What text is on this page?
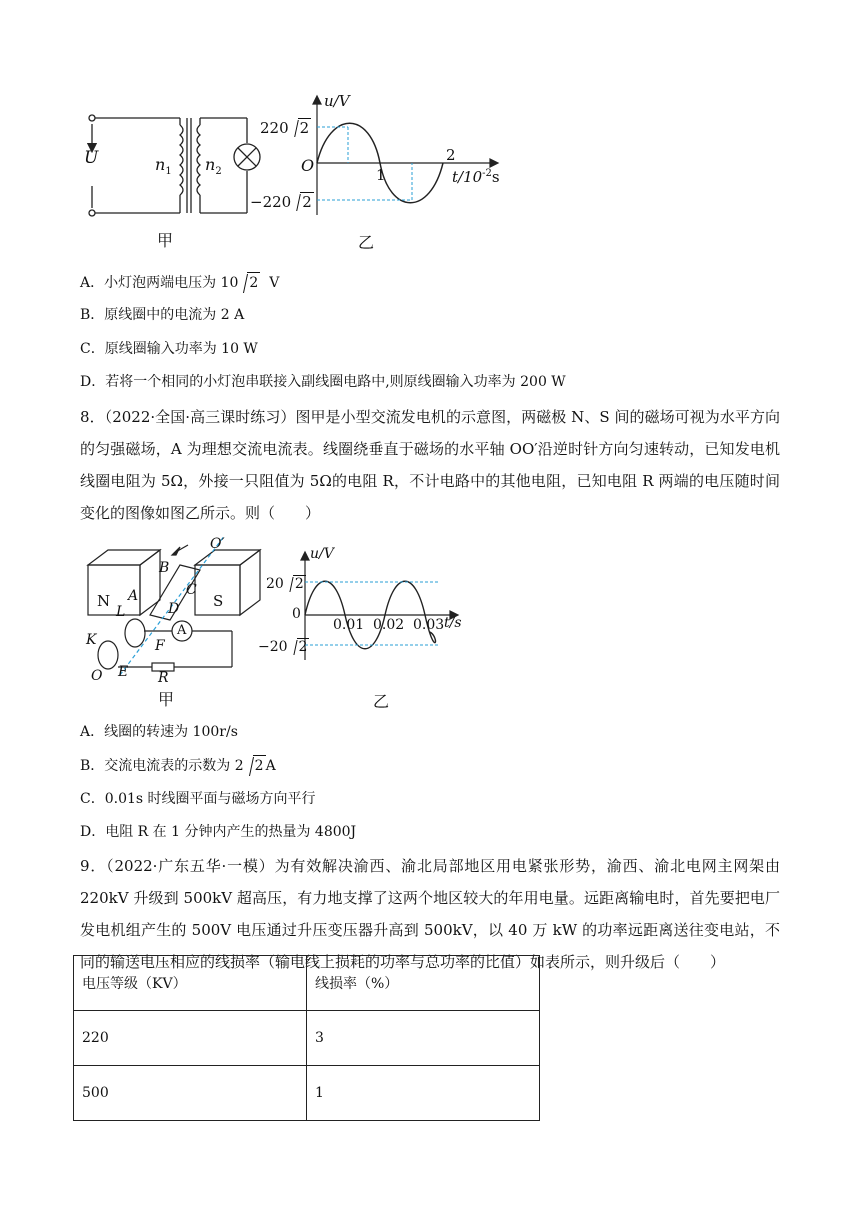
U	$n_1$ $n_2$
甲	乙
u/V
O
220 2
−220 2
1
2
$t/10^{-2}s$
A．小灯泡两端电压为 10 2 V
B．原线圈中的电流为 2 A
C．原线圈输入功率为 10 W
D．若将一个相同的小灯泡串联接入副线圈电路中,则原线圈输入功率为 200 W
8．（2022·全国·高三课时练习）图甲是小型交流发电机的示意图，两磁极 N、S 间的磁场可视为水平方向的匀强磁场，A 为理想交流电流表。线圈绕垂直于磁场的水平轴 OO′沿逆时针方向匀速转动，已知发电机线圈电阻为 5Ω，外接一只阻值为 5Ω的电阻 R，不计电路中的其他电阻，已知电阻 R 两端的电压随时间变化的图像如图乙所示。则（　　）
N	S
O′
B
C
A
L	D
A
F
K
E
O	R
甲	乙
u/V
0
20 2
−20 2
0.01 0.02 0.03 t/s
A．线圈的转速为 100r/s
B．交流电流表的示数为 2 2 A
C．0.01s 时线圈平面与磁场方向平行
D．电阻 R 在 1 分钟内产生的热量为 4800J
9．（2022·广东五华·一模）为有效解决渝西、渝北局部地区用电紧张形势，渝西、渝北电网主网架由 220kV 升级到 500kV 超高压，有力地支撑了这两个地区较大的年用电量。远距离输电时，首先要把电厂发电机组产生的 500V 电压通过升压变压器升高到 500kV，以 40 万 kW 的功率远距离送往变电站，不同的输送电压相应的线损率（输电线上损耗的功率与总功率的比值）如表所示，则升级后（　　）
电压等级（KV）	线损率（%）
220	3
500	1
